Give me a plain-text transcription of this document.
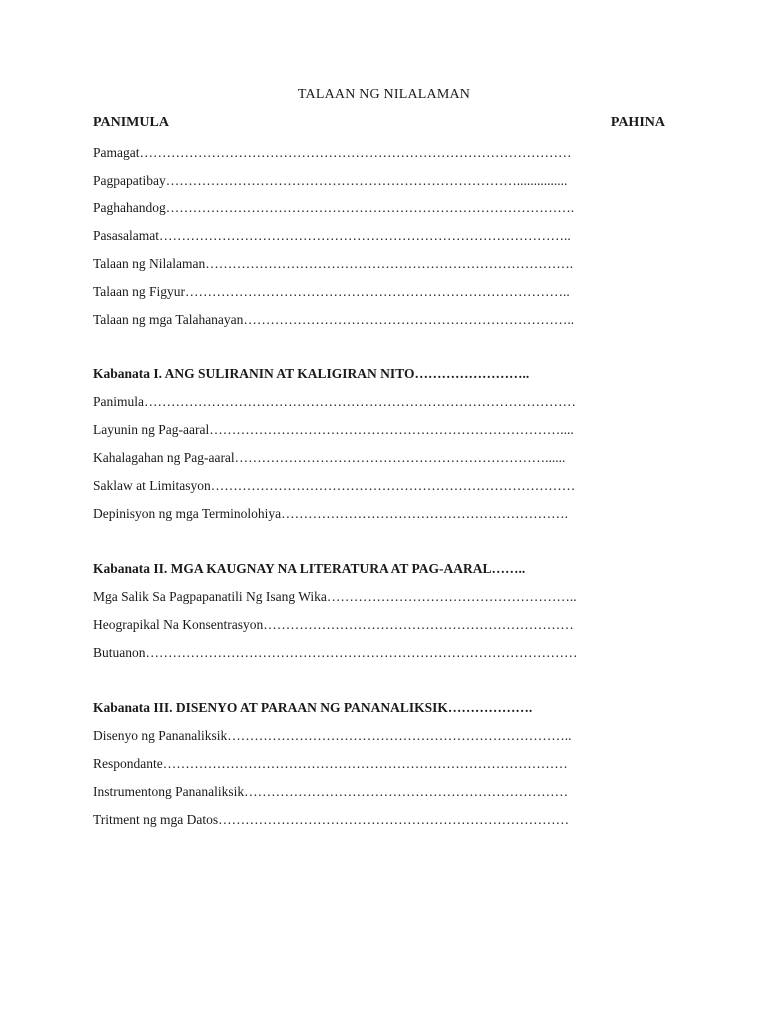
TALAAN NG NILALAMAN
PANIMULA	PAHINA
Pamagat……………………………………………………………………………………
Pagpapatibay……………………………………………………………………...............
Paghahandog……………………………………………………………………………….
Pasasalamat………………………………………………………………………………..
Talaan ng Nilalaman……………………………………………………………………….
Talaan ng Figyur…………………………………………………………………………..
Talaan ng mga Talahanayan………………………………………………………………..
Kabanata I. ANG SULIRANIN AT KALIGIRAN NITO……………………..
Panimula……………………………………………………………………………………
Layunin ng Pag-aaral……………………………………………………………………....
Kahalagahan ng Pag-aaral……………………………………………………………......
Saklaw at Limitasyon………………………………………………………………………
Depinisyon ng mga Terminolohiya……………………………………………………….
Kabanata II. MGA KAUGNAY NA LITERATURA AT PAG-AARAL……..
Mga Salik Sa Pagpapanatili Ng Isang Wika………………………………………………..
Heograpikal Na Konsentrasyon……………………………………………………………
Butuanon……………………………………………………………………………………
Kabanata III. DISENYO AT PARAAN NG PANANALIKSIK……………….
Disenyo ng Pananaliksik…………………………………………………………………..
Respondante………………………………………………………………………………
Instrumentong Pananaliksik………………………………………………………………
Tritment ng mga Datos……………………………………………………………………
